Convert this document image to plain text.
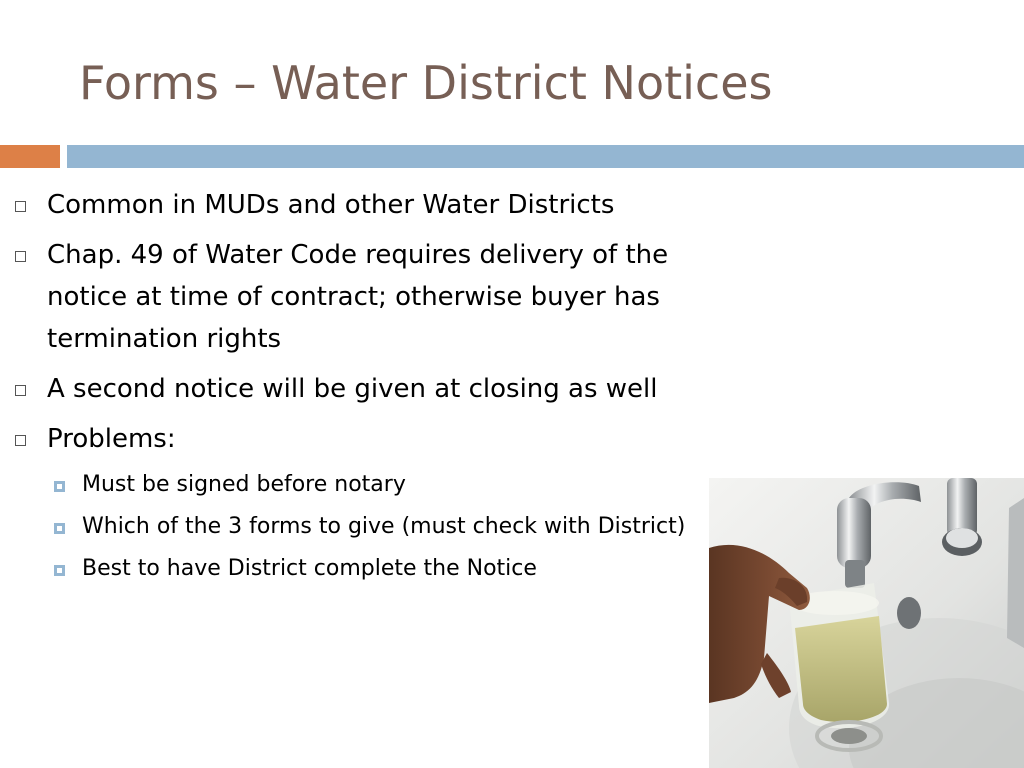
Forms – Water District Notices
Common in MUDs and other Water Districts
Chap. 49 of Water Code requires delivery of the notice at time of contract; otherwise buyer has termination rights
A second notice will be given at closing as well
Problems:
Must be signed before notary
Which of the 3 forms to give (must check with District)
Best to have District complete the Notice
